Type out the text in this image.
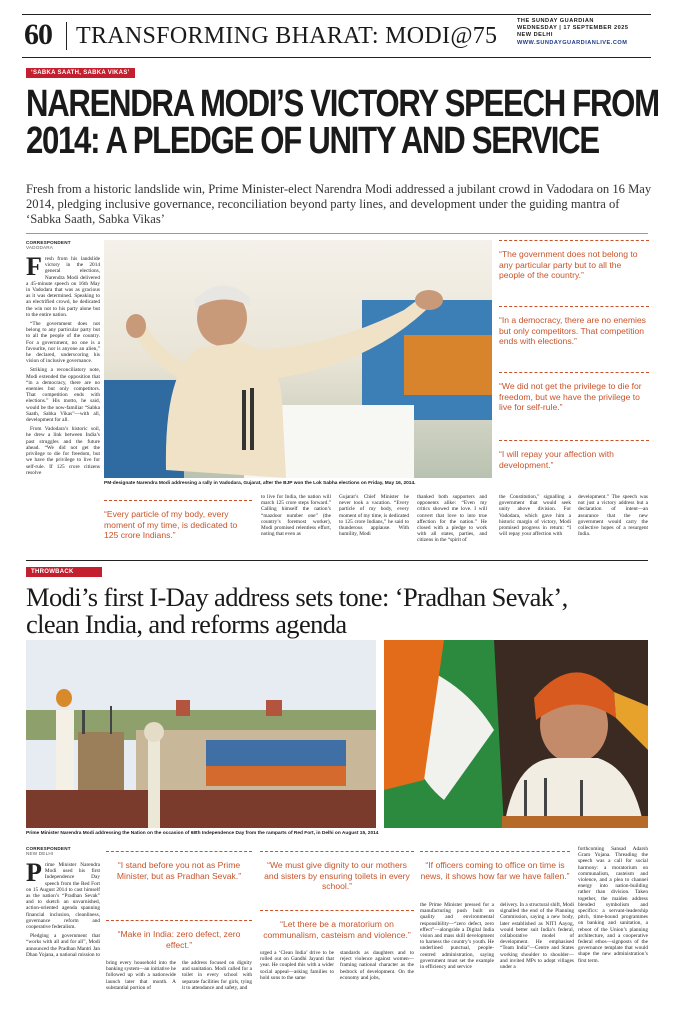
60 TRANSFORMING BHARAT: MODI@75
THE SUNDAY GUARDIAN
WEDNESDAY | 17 SEPTEMBER 2025
NEW DELHI
WWW.SUNDAYGUARDIANLIVE.COM
‘SABKA SAATH, SABKA VIKAS’
NARENDRA MODI’S VICTORY SPEECH FROM
2014: A PLEDGE OF UNITY AND SERVICE
Fresh from a historic landslide win, Prime Minister-elect Narendra Modi addressed a jubilant crowd in Vadodara on 16 May 2014, pledging inclusive governance, reconciliation beyond party lines, and development under the guiding mantra of ‘Sabka Saath, Sabka Vikas’
CORRESPONDENT
VADODARA

Fresh from his landslide victory in the 2014 general elections, Narendra Modi delivered a 45-minute speech on 16th May in Vadodara that was as gracious as it was determined. Speaking to an electrified crowd, he dedicated the win not to his party alone but to the entire nation.

“The government does not belong to any particular party but to all the people of the country. For a government, no one is a favourite, nor is anyone an alien,” he declared, underscoring his vision of inclusive governance.

Striking a reconciliatory note, Modi extended the opposition that “in a democracy, there are no enemies but only competitors. That competition ends with elections.” His motto, he said, would be the now-familiar “Sabka Saath, Sabka Vikas”—with all, development for all.

From Vadodara’s historic soil, he drew a link between India’s past struggles and the future ahead. “We did not get the privilege to die for freedom, but we have the privilege to live for self-rule. If 125 crore citizens resolve

PM-designate Narendra Modi addressing a rally in Vadodara, Gujarat, after the BJP won the Lok Sabha elections on Friday, May 16, 2014.
“The government does not belong to any particular party but to all the people of the country.”
“In a democracy, there are no enemies but only competitors. That competition ends with elections.”
“We did not get the privilege to die for freedom, but we have the privilege to live for self-rule.”
“I will repay your affection with development.”
“Every particle of my body, every moment of my time, is dedicated to 125 crore Indians.”
to live for India, the nation will march 125 crore steps forward.” Calling himself the nation’s “mazdoor number one” (the country’s foremost worker), Modi promised relentless effort, noting that even as
Gujarat’s Chief Minister he never took a vacation. “Every particle of my body, every moment of my time, is dedicated to 125 crore Indians,” he said to thunderous applause. With humility, Modi
thanked both supporters and opponents alike: “Even my critics showed me love. I will convert that love to into true affection for the nation.” He closed with a pledge to work with all states, parties, and citizens in the “spirit of
the Constitution,” signalling a government that would seek unity above division. For Vadodara, which gave him a historic margin of victory, Modi promised progress in return: “I will repay your affection with
development.” The speech was not just a victory address but a declaration of intent—an assurance that the new government would carry the collective hopes of a resurgent India.
THROWBACK
Modi’s first I-Day address sets tone: ‘Pradhan Sevak’,
clean India, and reforms agenda
Prime Minister Narendra Modi addressing the Nation on the occasion of 68th Independence Day from the ramparts of Red Fort, in Delhi on August 15, 2014
CORRESPONDENT
NEW DELHI

Prime Minister Narendra Modi used his first Independence Day speech from the Red Fort on 15 August 2014 to cast himself as the nation’s “Pradhan Sevak” and to sketch an unvarnished, action-oriented agenda spanning financial inclusion, cleanliness, governance reform and cooperative federalism.

Pledging a government that “works with all and for all”, Modi announced the Pradhan Mantri Jan Dhan Yojana, a national mission to

“I stand before you not as Prime Minister, but as Pradhan Sevak.”
“Make in India: zero defect, zero effect.”
“We must give dignity to our mothers and sisters by ensuring toilets in every school.”
“Let there be a moratorium on communalism, casteism and violence.”
“If officers coming to office on time is news, it shows how far we have fallen.”
bring every household into the banking system—an initiative he followed up with a nationwide launch later that month. A substantial portion of
the address focused on dignity and sanitation. Modi called for a toilet in every school with separate facilities for girls, tying it to attendance and safety, and
urged a ‘Clean India’ drive to be rolled out on Gandhi Jayanti that year. He coupled this with a wider social appeal—asking families to hold sons to the same
standards as daughters and to reject violence against women—framing national character as the bedrock of development. On the economy and jobs,
the Prime Minister pressed for a manufacturing push built on quality and environmental responsibility—“zero defect, zero effect”—alongside a Digital India vision and mass skill development to harness the country’s youth. He underlined punctual, people-centred administration, saying government must set the example in efficiency and service
delivery. In a structural shift, Modi signalled the end of the Planning Commission, saying a new body, later established as NITI Aayog, would better suit India’s federal, collaborative model of development. He emphasised “Team India”—Centre and States working shoulder to shoulder—and invited MPs to adopt villages under a
forthcoming Sansad Adarsh Gram Yojana. Threading the speech was a call for social harmony: a moratorium on communalism, casteism and violence, and a plea to channel energy into nation-building rather than division. Taken together, the maiden address blended symbolism and specifics: a servant-leadership pitch, time-bound programmes on banking and sanitation, a reboot of the Union’s planning architecture, and a cooperative federal ethos—signposts of the governance template that would shape the new administration’s first term.
